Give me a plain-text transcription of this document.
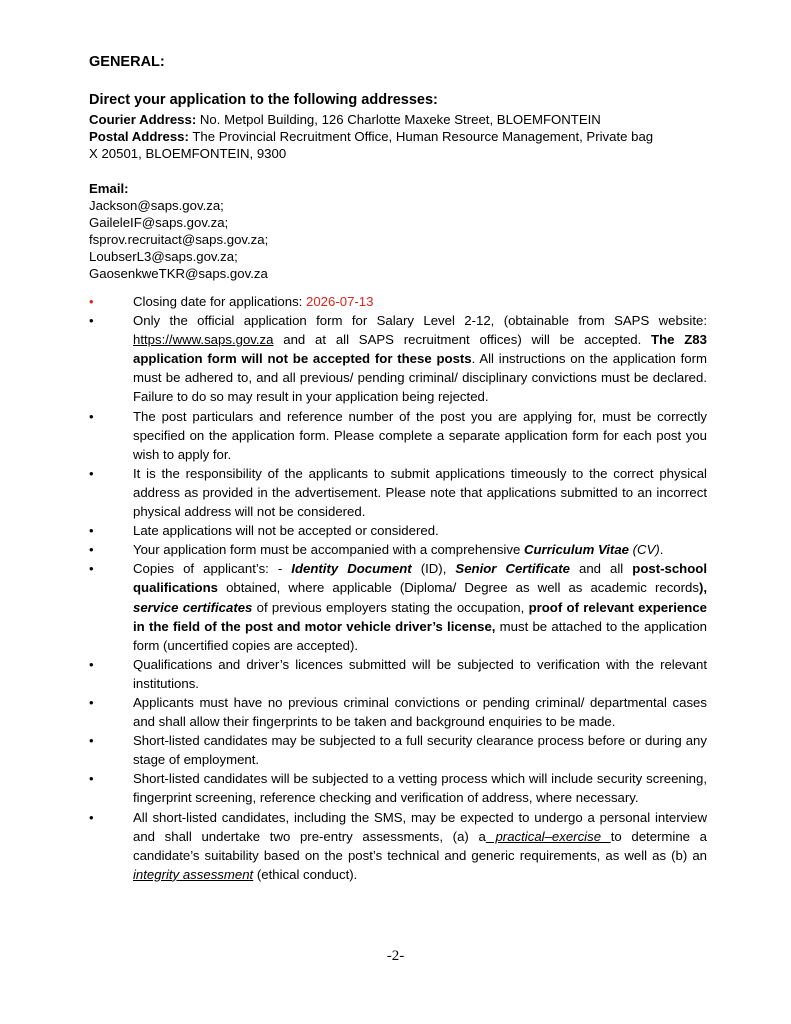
GENERAL:
Direct your application to the following addresses:

Courier Address: No. Metpol Building, 126 Charlotte Maxeke Street, BLOEMFONTEIN

Postal Address: The Provincial Recruitment Office, Human Resource Management, Private bag

X 20501, BLOEMFONTEIN, 9300

Email:

Jackson@saps.gov.za;

GaileleIF@saps.gov.za;

fsprov.recruitact@saps.gov.za;

LoubserL3@saps.gov.za;

GaosenkweTKR@saps.gov.za

•	Closing date for applications: 2026-07-13
•	Only the official application form for Salary Level 2-12, (obtainable from SAPS website: https://www.saps.gov.za and at all SAPS recruitment offices) will be accepted. The Z83 application form will not be accepted for these posts. All instructions on the application form must be adhered to, and all previous/ pending criminal/ disciplinary convictions must be declared. Failure to do so may result in your application being rejected.
•	The post particulars and reference number of the post you are applying for, must be correctly specified on the application form. Please complete a separate application form for each post you wish to apply for.
•	It is the responsibility of the applicants to submit applications timeously to the correct physical address as provided in the advertisement. Please note that applications submitted to an incorrect physical address will not be considered.
•	Late applications will not be accepted or considered.
•	Your application form must be accompanied with a comprehensive Curriculum Vitae (CV).
•	Copies of applicant’s: - Identity Document (ID), Senior Certificate and all post-school qualifications obtained, where applicable (Diploma/ Degree as well as academic records), service certificates of previous employers stating the occupation, proof of relevant experience in the field of the post and motor vehicle driver’s license, must be attached to the application form (uncertified copies are accepted).
•	Qualifications and driver’s licences submitted will be subjected to verification with the relevant institutions.
•	Applicants must have no previous criminal convictions or pending criminal/ departmental cases and shall allow their fingerprints to be taken and background enquiries to be made.
•	Short-listed candidates may be subjected to a full security clearance process before or during any stage of employment.
•	Short-listed candidates will be subjected to a vetting process which will include security screening, fingerprint screening, reference checking and verification of address, where necessary.
•	All short-listed candidates, including the SMS, may be expected to undergo a personal interview and shall undertake two pre-entry assessments, (a) a practical–exercise to determine a candidate’s suitability based on the post’s technical and generic requirements, as well as (b) an integrity assessment (ethical conduct).
-2-
